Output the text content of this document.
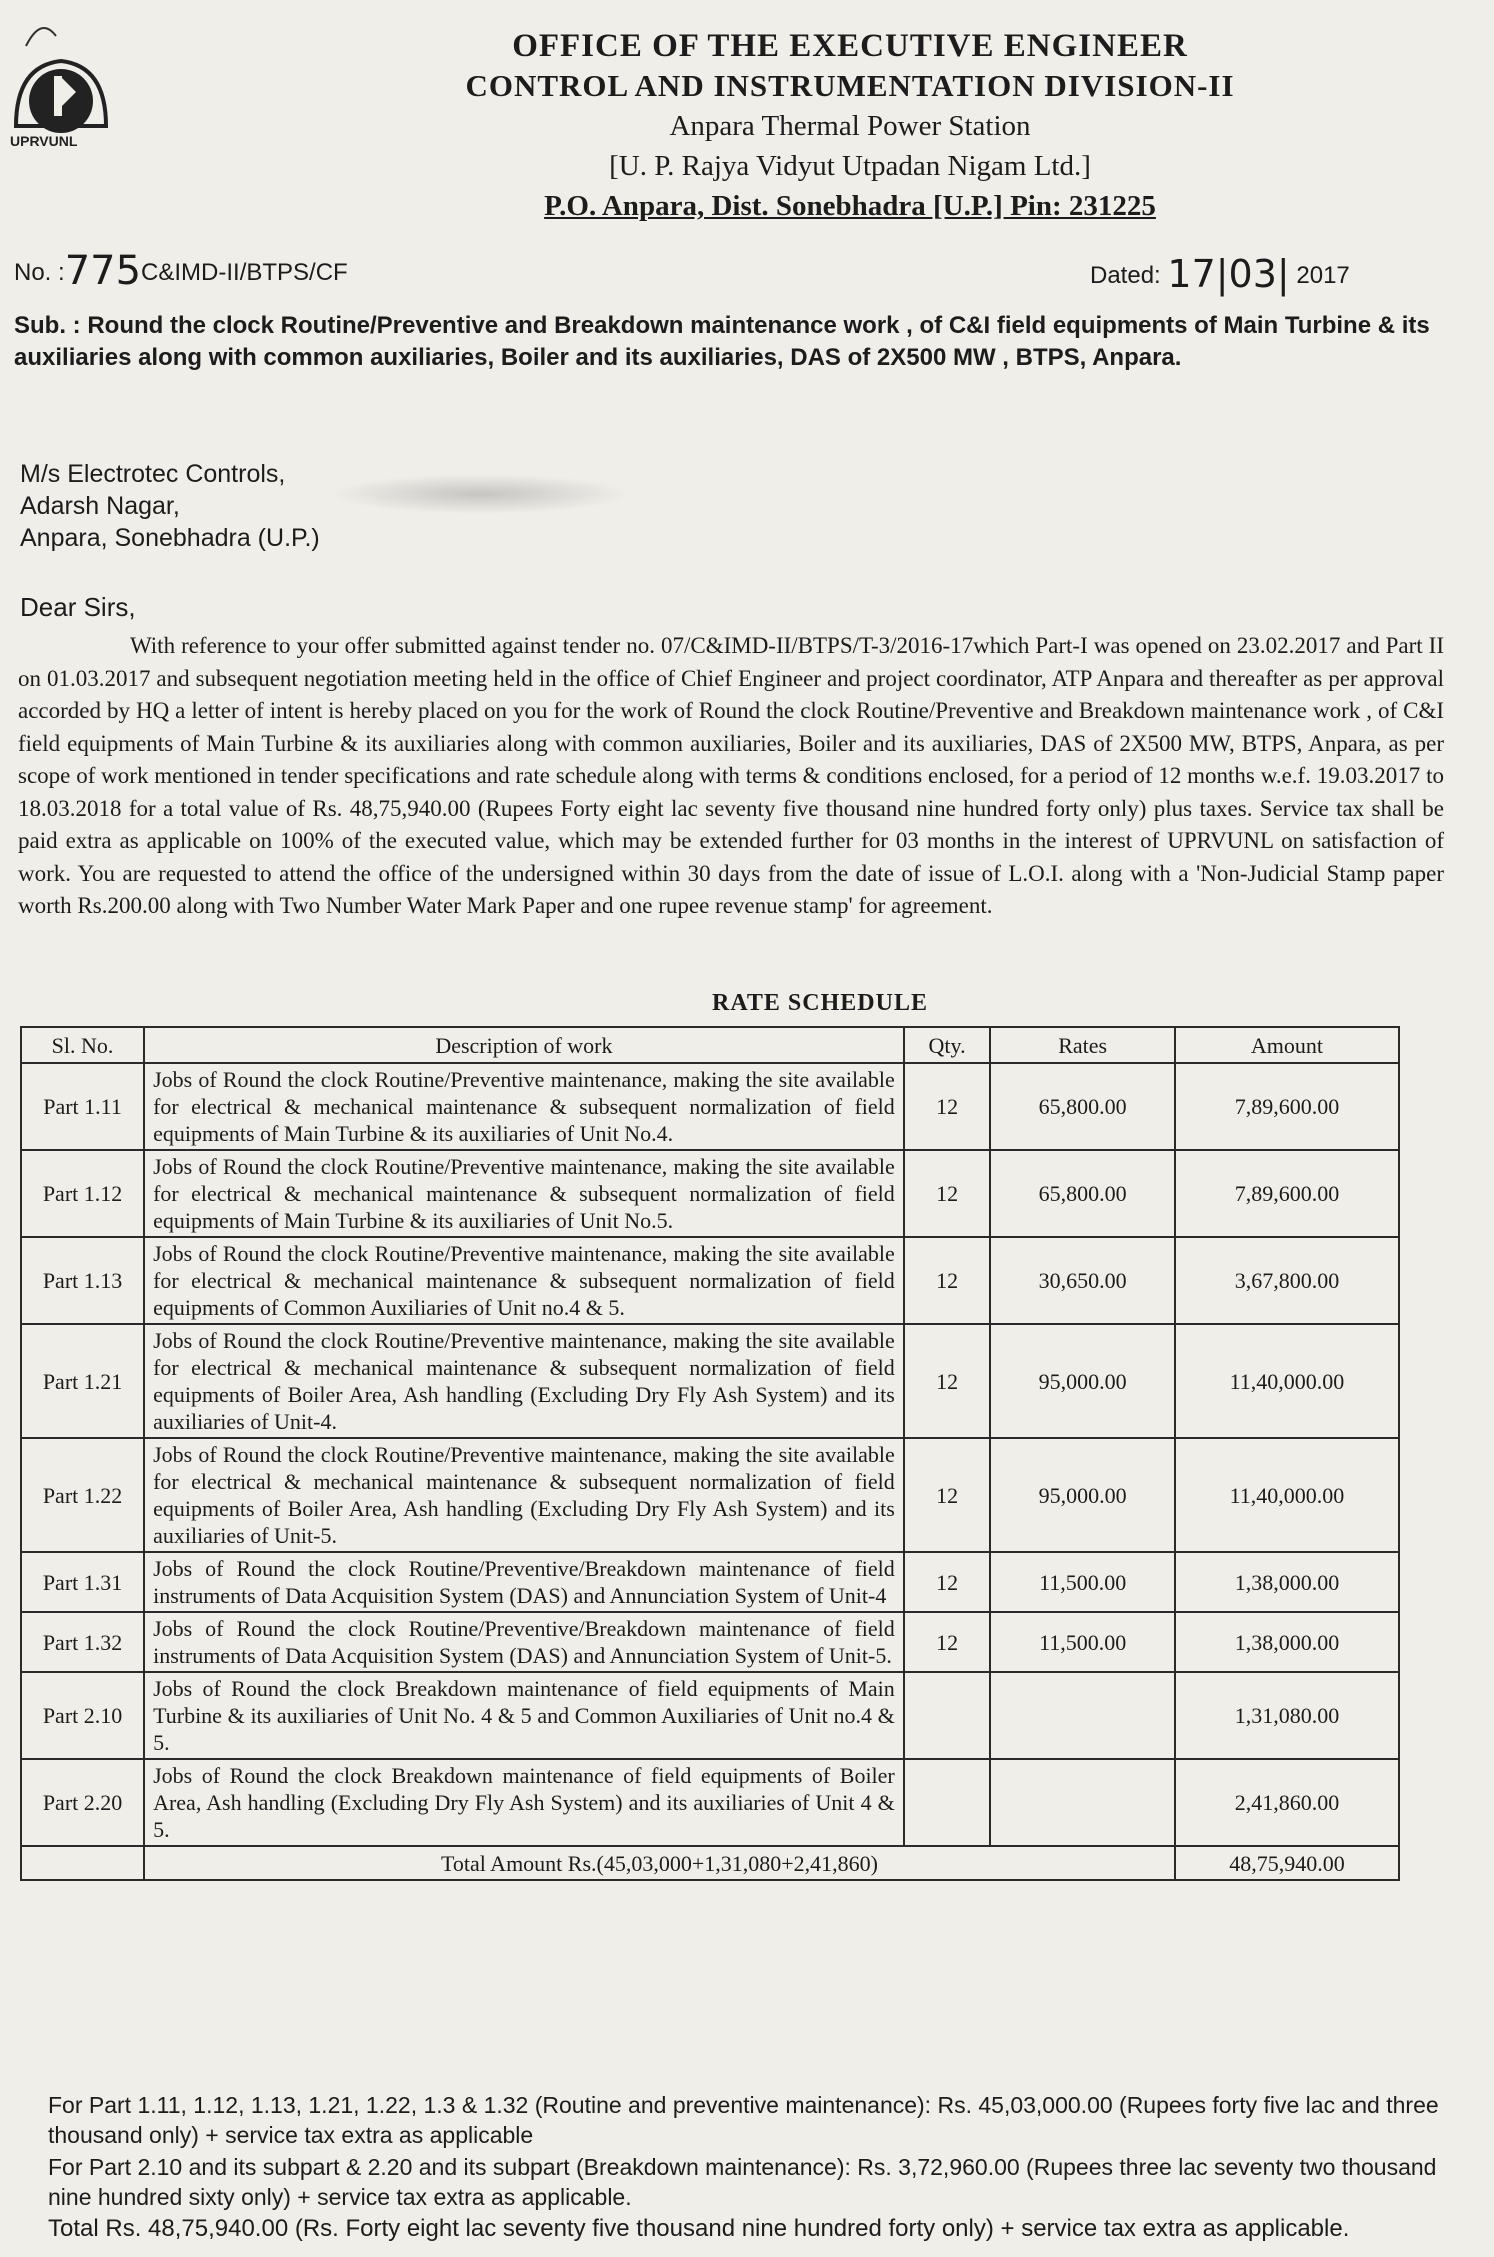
UPRVUNL
OFFICE OF THE EXECUTIVE ENGINEER
CONTROL AND INSTRUMENTATION DIVISION-II
Anpara Thermal Power Station
[U. P. Rajya Vidyut Utpadan Nigam Ltd.]
P.O. Anpara, Dist. Sonebhadra [U.P.] Pin: 231225
No. :775C&IMD-II/BTPS/CF	Dated: 17|03| 2017
Sub. : Round the clock Routine/Preventive and Breakdown maintenance work , of C&I field equipments of Main Turbine & its auxiliaries along with common auxiliaries, Boiler and its auxiliaries, DAS of 2X500 MW , BTPS, Anpara.
M/s Electrotec Controls,
Adarsh Nagar,
Anpara, Sonebhadra (U.P.)
Dear Sirs,
With reference to your offer submitted against tender no. 07/C&IMD-II/BTPS/T-3/2016-17which Part-I was opened on 23.02.2017 and Part II on 01.03.2017 and subsequent negotiation meeting held in the office of Chief Engineer and project coordinator, ATP Anpara and thereafter as per approval accorded by HQ a letter of intent is hereby placed on you for the work of Round the clock Routine/Preventive and Breakdown maintenance work , of C&I field equipments of Main Turbine & its auxiliaries along with common auxiliaries, Boiler and its auxiliaries, DAS of 2X500 MW, BTPS, Anpara, as per scope of work mentioned in tender specifications and rate schedule along with terms & conditions enclosed, for a period of 12 months w.e.f. 19.03.2017 to 18.03.2018 for a total value of Rs. 48,75,940.00 (Rupees Forty eight lac seventy five thousand nine hundred forty only) plus taxes. Service tax shall be paid extra as applicable on 100% of the executed value, which may be extended further for 03 months in the interest of UPRVUNL on satisfaction of work. You are requested to attend the office of the undersigned within 30 days from the date of issue of L.O.I. along with a 'Non-Judicial Stamp paper worth Rs.200.00 along with Two Number Water Mark Paper and one rupee revenue stamp' for agreement.
RATE SCHEDULE
Sl. No.	Description of work	Qty.	Rates	Amount
Part 1.11	Jobs of Round the clock Routine/Preventive maintenance, making the site available for electrical & mechanical maintenance & subsequent normalization of field equipments of Main Turbine & its auxiliaries of Unit No.4.	12	65,800.00	7,89,600.00
Part 1.12	Jobs of Round the clock Routine/Preventive maintenance, making the site available for electrical & mechanical maintenance & subsequent normalization of field equipments of Main Turbine & its auxiliaries of Unit No.5.	12	65,800.00	7,89,600.00
Part 1.13	Jobs of Round the clock Routine/Preventive maintenance, making the site available for electrical & mechanical maintenance & subsequent normalization of field equipments of Common Auxiliaries of Unit no.4 & 5.	12	30,650.00	3,67,800.00
Part 1.21	Jobs of Round the clock Routine/Preventive maintenance, making the site available for electrical & mechanical maintenance & subsequent normalization of field equipments of Boiler Area, Ash handling (Excluding Dry Fly Ash System) and its auxiliaries of Unit-4.	12	95,000.00	11,40,000.00
Part 1.22	Jobs of Round the clock Routine/Preventive maintenance, making the site available for electrical & mechanical maintenance & subsequent normalization of field equipments of Boiler Area, Ash handling (Excluding Dry Fly Ash System) and its auxiliaries of Unit-5.	12	95,000.00	11,40,000.00
Part 1.31	Jobs of Round the clock Routine/Preventive/Breakdown maintenance of field instruments of Data Acquisition System (DAS) and Annunciation System of Unit-4	12	11,500.00	1,38,000.00
Part 1.32	Jobs of Round the clock Routine/Preventive/Breakdown maintenance of field instruments of Data Acquisition System (DAS) and Annunciation System of Unit-5.	12	11,500.00	1,38,000.00
Part 2.10	Jobs of Round the clock Breakdown maintenance of field equipments of Main Turbine & its auxiliaries of Unit No. 4 & 5 and Common Auxiliaries of Unit no.4 & 5.			1,31,080.00
Part 2.20	Jobs of Round the clock Breakdown maintenance of field equipments of Boiler Area, Ash handling (Excluding Dry Fly Ash System) and its auxiliaries of Unit 4 & 5.			2,41,860.00
	Total Amount Rs.(45,03,000+1,31,080+2,41,860)			48,75,940.00

For Part 1.11, 1.12, 1.13, 1.21, 1.22, 1.3 & 1.32 (Routine and preventive maintenance): Rs. 45,03,000.00 (Rupees forty five lac and three thousand only) + service tax extra as applicable

For Part 2.10 and its subpart & 2.20 and its subpart (Breakdown maintenance): Rs. 3,72,960.00 (Rupees three lac seventy two thousand nine hundred sixty only) + service tax extra as applicable.

Total Rs. 48,75,940.00 (Rs. Forty eight lac seventy five thousand nine hundred forty only) + service tax extra as applicable.
